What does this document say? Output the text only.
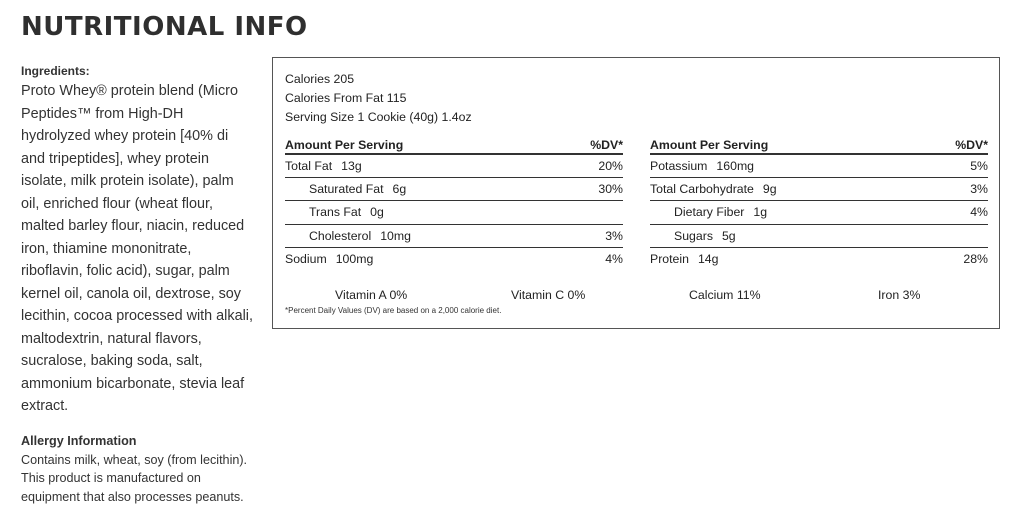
NUTRITIONAL INFO
Ingredients:
Proto Whey® protein blend (Micro Peptides™ from High-DH hydrolyzed whey protein [40% di and tripeptides], whey protein isolate, milk protein isolate), palm oil, enriched flour (wheat flour, malted barley flour, niacin, reduced iron, thiamine mononitrate, riboflavin, folic acid), sugar, palm kernel oil, canola oil, dextrose, soy lecithin, cocoa processed with alkali, maltodextrin, natural flavors, sucralose, baking soda, salt, ammonium bicarbonate, stevia leaf extract.
Allergy Information
Contains milk, wheat, soy (from lecithin). This product is manufactured on equipment that also processes peanuts.
Calories 205
Calories From Fat 115
Serving Size 1 Cookie (40g) 1.4oz
Amount Per Serving	%DV*
Total Fat 13g	20%
Saturated Fat 6g	30%
Trans Fat 0g
Cholesterol 10mg	3%
Sodium 100mg	4%
Amount Per Serving	%DV*
Potassium 160mg	5%
Total Carbohydrate 9g	3%
Dietary Fiber 1g	4%
Sugars 5g
Protein 14g	28%
Vitamin A 0%	Vitamin C 0%	Calcium 11%	Iron 3%
*Percent Daily Values (DV) are based on a 2,000 calorie diet.
